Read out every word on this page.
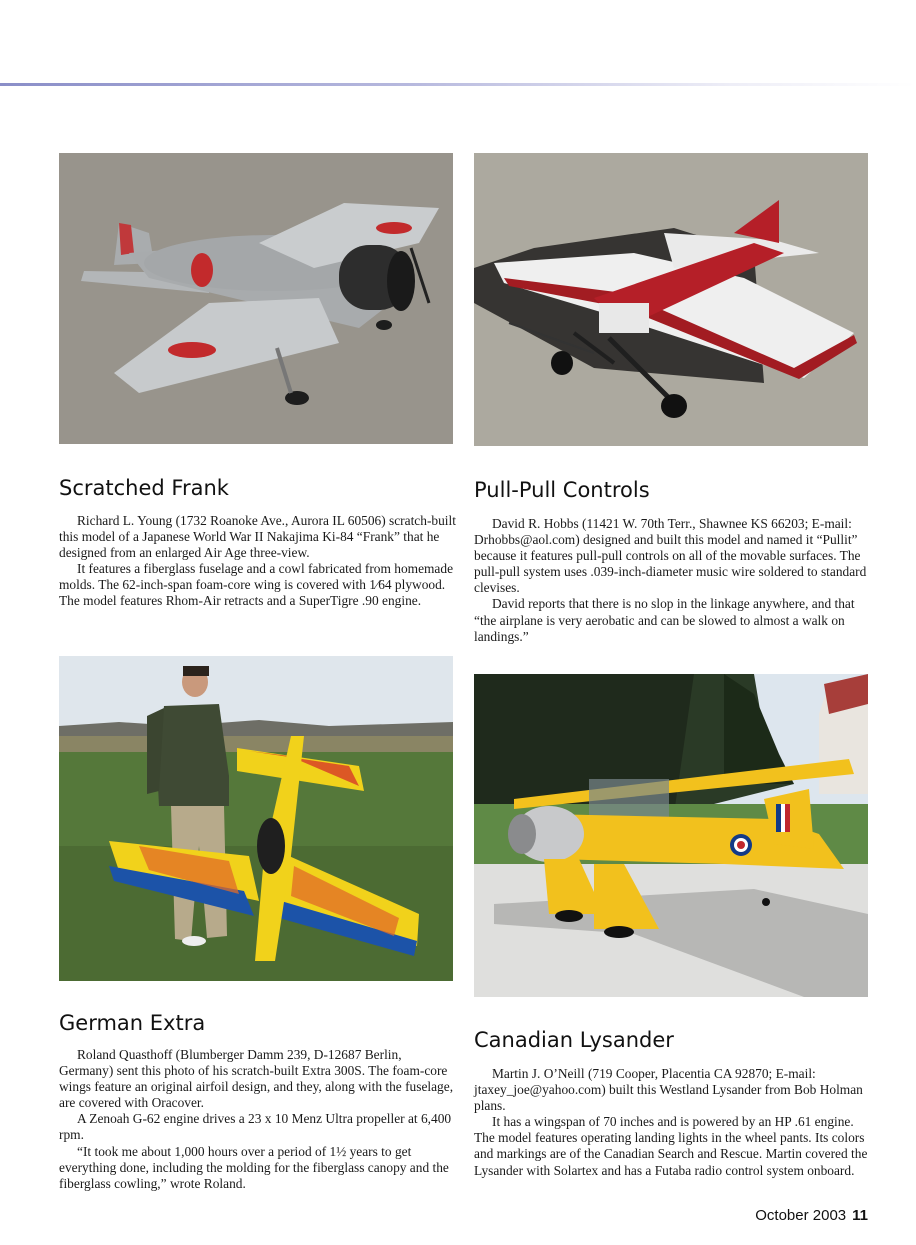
Scratched Frank

Richard L. Young (1732 Roanoke Ave., Aurora IL 60506) scratch-built this model of a Japanese World War II Nakajima Ki-84 “Frank” that he designed from an enlarged Air Age three-view.

It features a fiberglass fuselage and a cowl fabricated from homemade molds. The 62-inch-span foam-core wing is covered with 1⁄64 plywood. The model features Rhom-Air retracts and a SuperTigre .90 engine.

Pull-Pull Controls

David R. Hobbs (11421 W. 70th Terr., Shawnee KS 66203; E-mail: Drhobbs@aol.com) designed and built this model and named it “Pullit” because it features pull-pull controls on all of the movable surfaces. The pull-pull system uses .039-inch-diameter music wire soldered to standard clevises.

David reports that there is no slop in the linkage anywhere, and that “the airplane is very aerobatic and can be slowed to almost a walk on landings.”

German Extra

Roland Quasthoff (Blumberger Damm 239, D-12687 Berlin, Germany) sent this photo of his scratch-built Extra 300S. The foam-core wings feature an original airfoil design, and they, along with the fuselage, are covered with Oracover.

A Zenoah G-62 engine drives a 23 x 10 Menz Ultra propeller at 6,400 rpm.

“It took me about 1,000 hours over a period of 1½ years to get everything done, including the molding for the fiberglass canopy and the fiberglass cowling,” wrote Roland.

Canadian Lysander

Martin J. O’Neill (719 Cooper, Placentia CA 92870; E-mail: jtaxey_joe@yahoo.com) built this Westland Lysander from Bob Holman plans.

It has a wingspan of 70 inches and is powered by an HP .61 engine. The model features operating landing lights in the wheel pants. Its colors and markings are of the Canadian Search and Rescue. Martin covered the Lysander with Solartex and has a Futaba radio control system onboard.

October 2003 11
